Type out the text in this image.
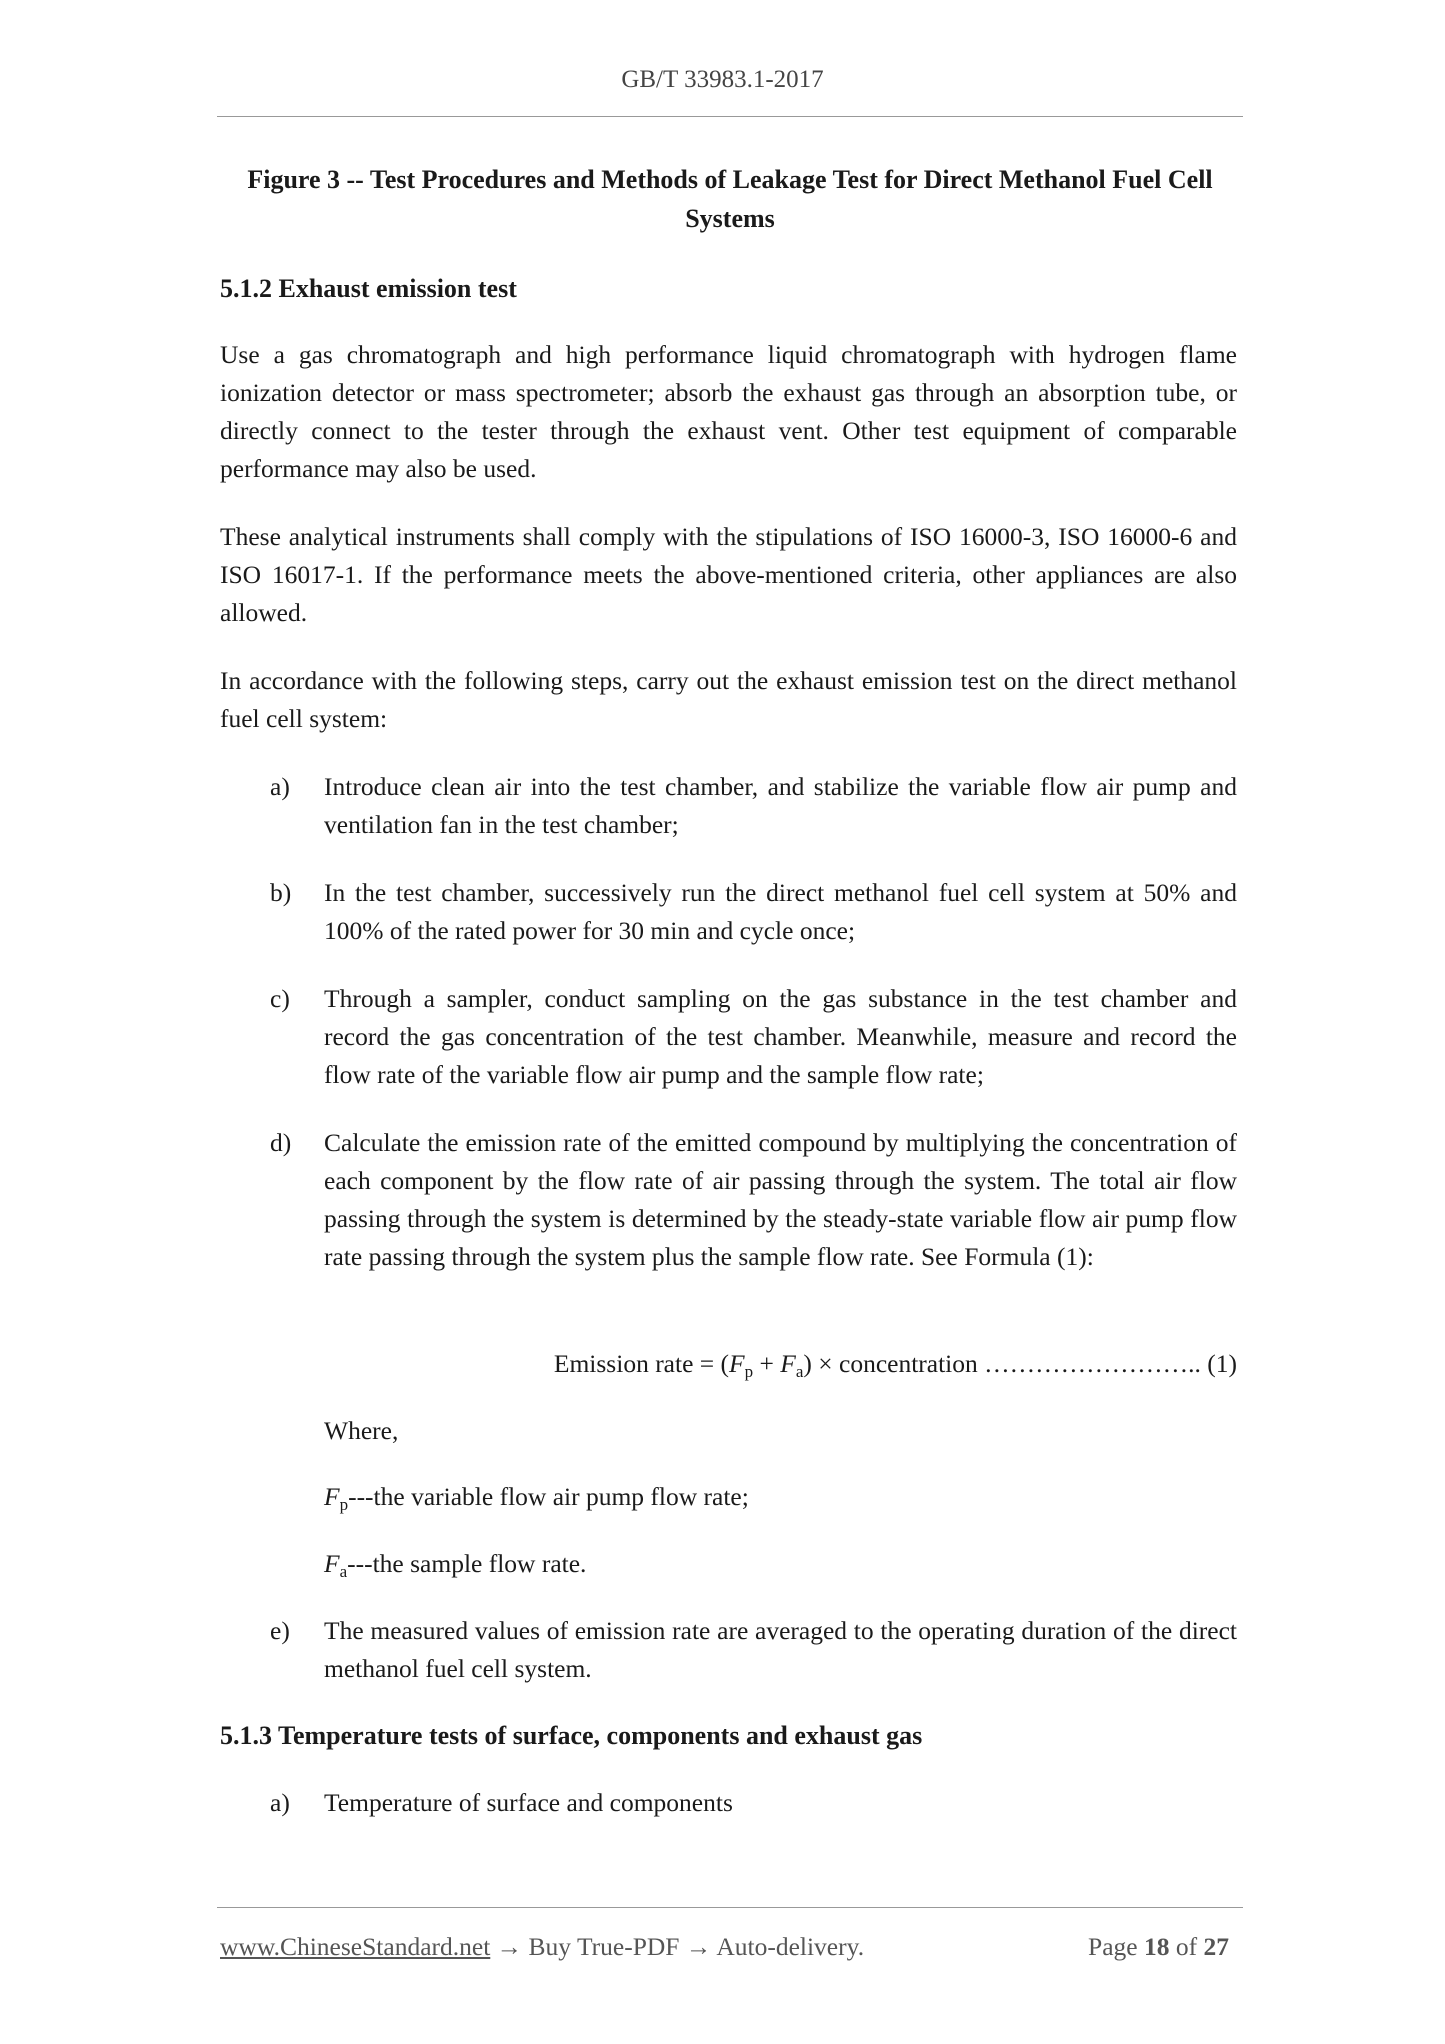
GB/T 33983.1-2017
Figure 3 -- Test Procedures and Methods of Leakage Test for Direct Methanol Fuel Cell Systems
5.1.2 Exhaust emission test
Use a gas chromatograph and high performance liquid chromatograph with hydrogen flame ionization detector or mass spectrometer; absorb the exhaust gas through an absorption tube, or directly connect to the tester through the exhaust vent. Other test equipment of comparable performance may also be used.
These analytical instruments shall comply with the stipulations of ISO 16000-3, ISO 16000-6 and ISO 16017-1. If the performance meets the above-mentioned criteria, other appliances are also allowed.
In accordance with the following steps, carry out the exhaust emission test on the direct methanol fuel cell system:
a)	Introduce clean air into the test chamber, and stabilize the variable flow air pump and ventilation fan in the test chamber;
b)	In the test chamber, successively run the direct methanol fuel cell system at 50% and 100% of the rated power for 30 min and cycle once;
c)	Through a sampler, conduct sampling on the gas substance in the test chamber and record the gas concentration of the test chamber. Meanwhile, measure and record the flow rate of the variable flow air pump and the sample flow rate;
d)	Calculate the emission rate of the emitted compound by multiplying the concentration of each component by the flow rate of air passing through the system. The total air flow passing through the system is determined by the steady-state variable flow air pump flow rate passing through the system plus the sample flow rate. See Formula (1):
Emission rate = $(F_p + F_a)$ × concentration …………………….. (1)
Where,
$F_p--$-the variable flow air pump flow rate;
$F_a--$-the sample flow rate.
e)	The measured values of emission rate are averaged to the operating duration of the direct methanol fuel cell system.
5.1.3 Temperature tests of surface, components and exhaust gas
a)	Temperature of surface and components
www.ChineseStandard.net → Buy True-PDF → Auto-delivery.	Page 18 of 27
